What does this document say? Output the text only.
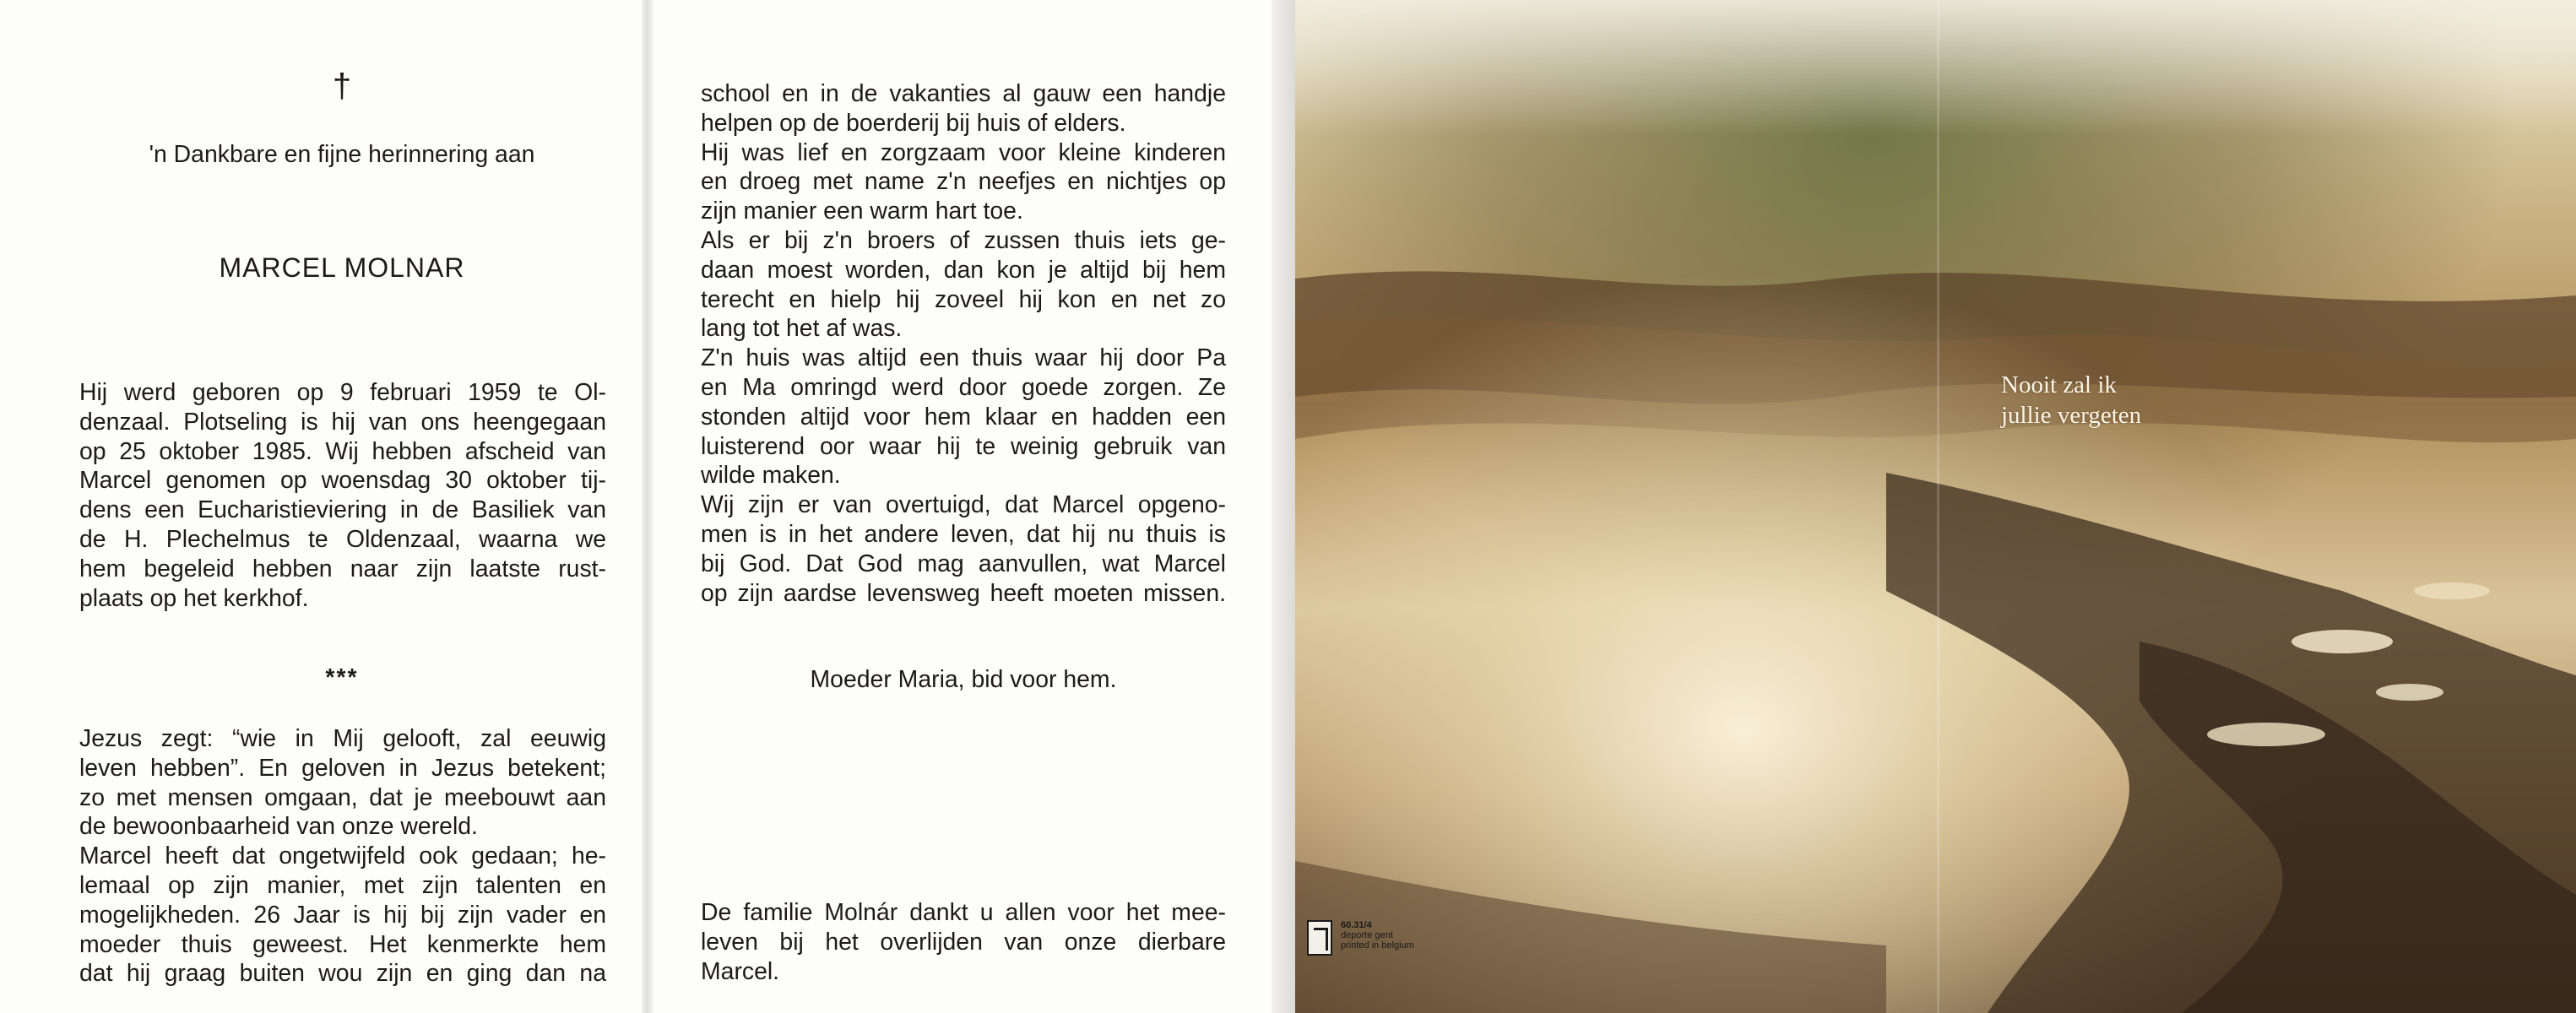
†
'n Dankbare en fijne herinnering aan
MARCEL MOLNAR
Hij werd geboren op 9 februari 1959 te Ol-
denzaal. Plotseling is hij van ons heengegaan
op 25 oktober 1985. Wij hebben afscheid van
Marcel genomen op woensdag 30 oktober tij-
dens een Eucharistieviering in de Basiliek van
de H. Plechelmus te Oldenzaal, waarna we
hem begeleid hebben naar zijn laatste rust-
plaats op het kerkhof.
***
Jezus zegt: “wie in Mij gelooft, zal eeuwig
leven hebben”. En geloven in Jezus betekent;
zo met mensen omgaan, dat je meebouwt aan
de bewoonbaarheid van onze wereld.
Marcel heeft dat ongetwijfeld ook gedaan; he-
lemaal op zijn manier, met zijn talenten en
mogelijkheden. 26 Jaar is hij bij zijn vader en
moeder thuis geweest. Het kenmerkte hem
dat hij graag buiten wou zijn en ging dan na
school en in de vakanties al gauw een handje
helpen op de boerderij bij huis of elders.
Hij was lief en zorgzaam voor kleine kinderen
en droeg met name z'n neefjes en nichtjes op
zijn manier een warm hart toe.
Als er bij z'n broers of zussen thuis iets ge-
daan moest worden, dan kon je altijd bij hem
terecht en hielp hij zoveel hij kon en net zo
lang tot het af was.
Z'n huis was altijd een thuis waar hij door Pa
en Ma omringd werd door goede zorgen. Ze
stonden altijd voor hem klaar en hadden een
luisterend oor waar hij te weinig gebruik van
wilde maken.
Wij zijn er van overtuigd, dat Marcel opgeno-
men is in het andere leven, dat hij nu thuis is
bij God. Dat God mag aanvullen, wat Marcel
op zijn aardse levensweg heeft moeten missen.
Moeder Maria, bid voor hem.
De familie Molnár dankt u allen voor het mee-
leven bij het overlijden van onze dierbare
Marcel.
Nooit zal ik
jullie vergeten
60.31/4
deporte gent
printed in belgium
